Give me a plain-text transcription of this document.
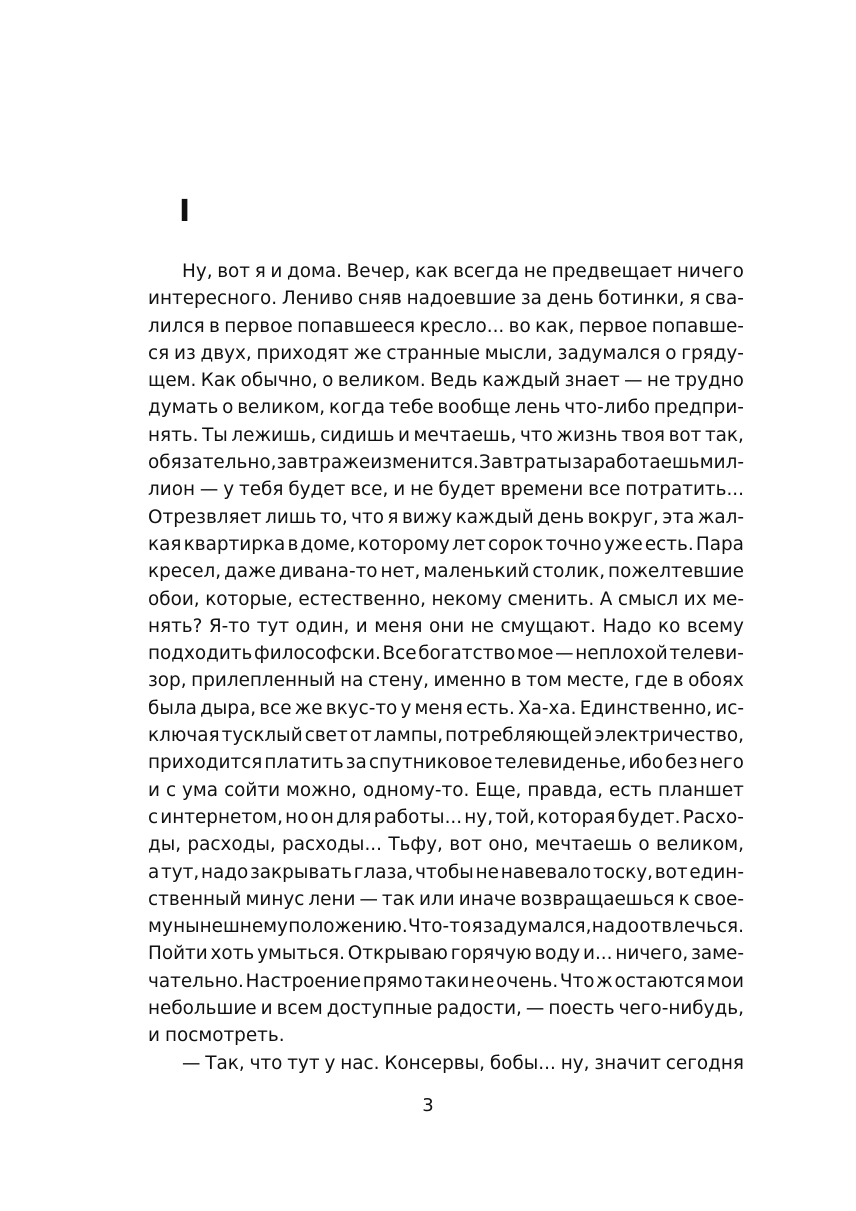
I
Ну, вот я и дома. Вечер, как всегда не предвещает ничего
интересного. Лениво сняв надоевшие за день ботинки, я сва-
лился в первое попавшееся кресло... во как, первое попавше-
ся из двух, приходят же странные мысли, задумался о гряду-
щем. Как обычно, о великом. Ведь каждый знает — не трудно
думать о великом, когда тебе вообще лень что-либо предпри-
нять. Ты лежишь, сидишь и мечтаешь, что жизнь твоя вот так,
обязательно, завтра же изменится. Завтра ты заработаешь мил-
лион — у тебя будет все, и не будет времени все потратить...
Отрезвляет лишь то, что я вижу каждый день вокруг, эта жал-
кая квартирка в доме, которому лет сорок точно уже есть. Пара
кресел, даже дивана-то нет, маленький столик, пожелтевшие
обои, которые, естественно, некому сменить. А смысл их ме-
нять? Я-то тут один, и меня они не смущают. Надо ко всему
подходить философски. Все богатство мое — неплохой телеви-
зор, прилепленный на стену, именно в том месте, где в обоях
была дыра, все же вкус-то у меня есть. Ха-ха. Единственно, ис-
ключая тусклый свет от лампы, потребляющей электричество,
приходится платить за спутниковое телевиденье, ибо без него
и с ума сойти можно, одному-то. Еще, правда, есть планшет
с интернетом, но он для работы... ну, той, которая будет. Расхо-
ды, расходы, расходы... Тьфу, вот оно, мечтаешь о великом,
а тут, надо закрывать глаза, чтобы не навевало тоску, вот един-
ственный минус лени — так или иначе возвращаешься к свое-
му нынешнему положению. Что-то я задумался, надо отвлечься.
Пойти хоть умыться. Открываю горячую воду и... ничего, заме-
чательно. Настроение прямо таки не очень. Что ж остаются мои
небольшие и всем доступные радости, — поесть чего-нибудь,
и посмотреть.
— Так, что тут у нас. Консервы, бобы... ну, значит сегодня
3
